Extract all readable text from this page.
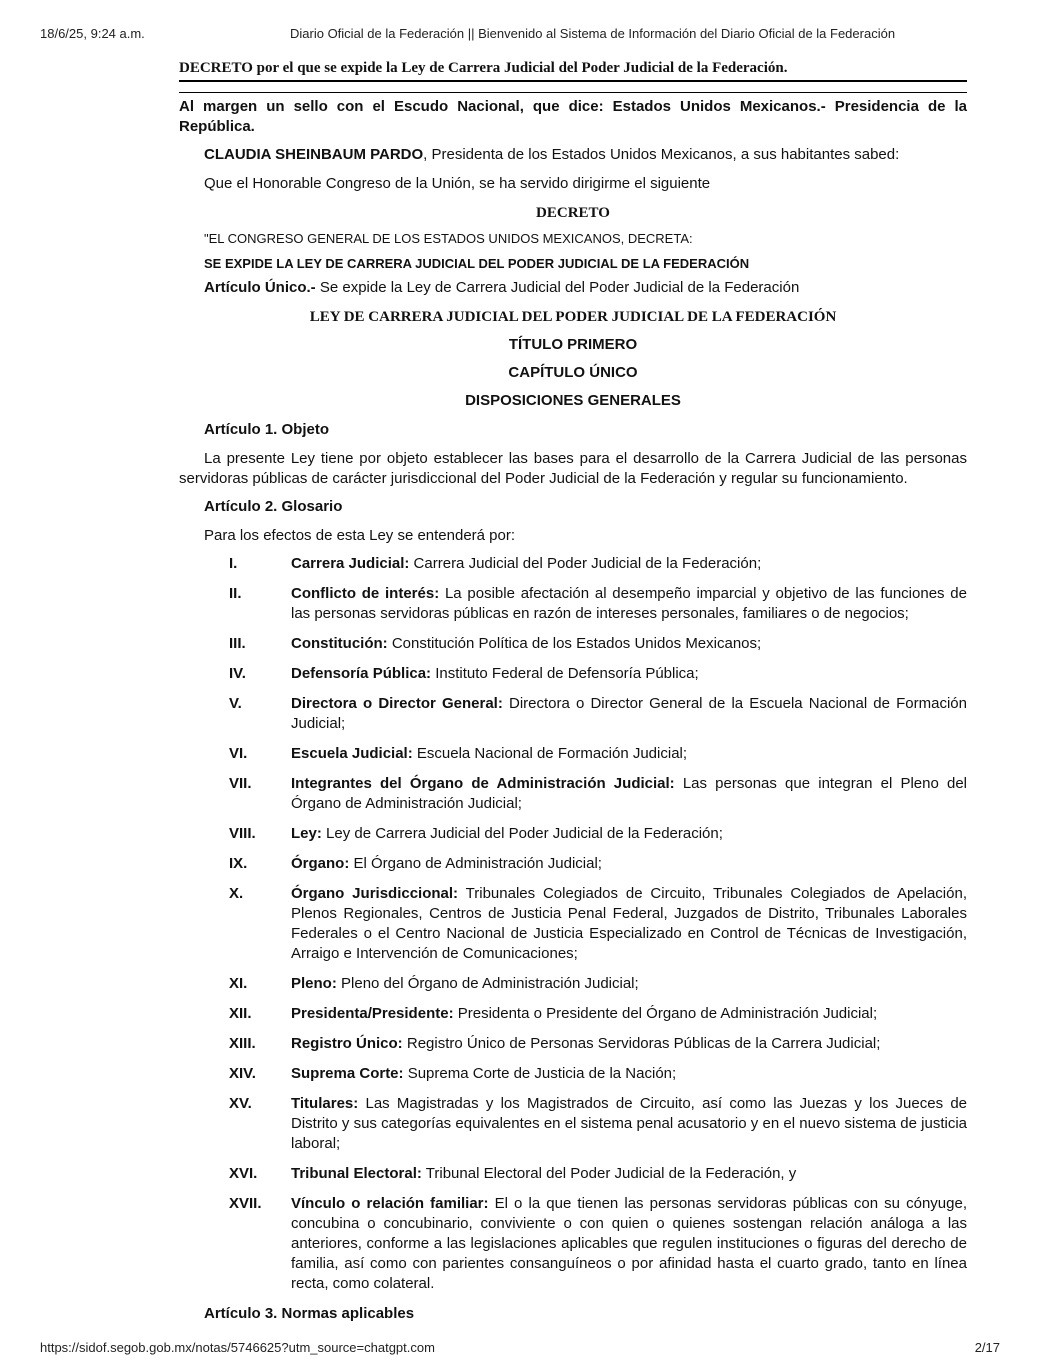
18/6/25, 9:24 a.m.	Diario Oficial de la Federación || Bienvenido al Sistema de Información del Diario Oficial de la Federación
DECRETO por el que se expide la Ley de Carrera Judicial del Poder Judicial de la Federación.

Al margen un sello con el Escudo Nacional, que dice: Estados Unidos Mexicanos.- Presidencia de la República.

CLAUDIA SHEINBAUM PARDO, Presidenta de los Estados Unidos Mexicanos, a sus habitantes sabed:

Que el Honorable Congreso de la Unión, se ha servido dirigirme el siguiente

DECRETO

"EL CONGRESO GENERAL DE LOS ESTADOS UNIDOS MEXICANOS, DECRETA:

SE EXPIDE LA LEY DE CARRERA JUDICIAL DEL PODER JUDICIAL DE LA FEDERACIÓN

Artículo Único.- Se expide la Ley de Carrera Judicial del Poder Judicial de la Federación

LEY DE CARRERA JUDICIAL DEL PODER JUDICIAL DE LA FEDERACIÓN

TÍTULO PRIMERO

CAPÍTULO ÚNICO

DISPOSICIONES GENERALES

Artículo 1. Objeto

La presente Ley tiene por objeto establecer las bases para el desarrollo de la Carrera Judicial de las personas servidoras públicas de carácter jurisdiccional del Poder Judicial de la Federación y regular su funcionamiento.

Artículo 2. Glosario

Para los efectos de esta Ley se entenderá por:

I.	Carrera Judicial: Carrera Judicial del Poder Judicial de la Federación;
II.	Conflicto de interés: La posible afectación al desempeño imparcial y objetivo de las funciones de las personas servidoras públicas en razón de intereses personales, familiares o de negocios;
III.	Constitución: Constitución Política de los Estados Unidos Mexicanos;
IV.	Defensoría Pública: Instituto Federal de Defensoría Pública;
V.	Directora o Director General: Directora o Director General de la Escuela Nacional de Formación Judicial;
VI.	Escuela Judicial: Escuela Nacional de Formación Judicial;
VII.	Integrantes del Órgano de Administración Judicial: Las personas que integran el Pleno del Órgano de Administración Judicial;
VIII. Ley: Ley de Carrera Judicial del Poder Judicial de la Federación;
IX.	Órgano: El Órgano de Administración Judicial;
X.	Órgano Jurisdiccional: Tribunales Colegiados de Circuito, Tribunales Colegiados de Apelación, Plenos Regionales, Centros de Justicia Penal Federal, Juzgados de Distrito, Tribunales Laborales Federales o el Centro Nacional de Justicia Especializado en Control de Técnicas de Investigación, Arraigo e Intervención de Comunicaciones;
XI.	Pleno: Pleno del Órgano de Administración Judicial;
XII.	Presidenta/Presidente: Presidenta o Presidente del Órgano de Administración Judicial;
XIII. Registro Único: Registro Único de Personas Servidoras Públicas de la Carrera Judicial;
XIV. Suprema Corte: Suprema Corte de Justicia de la Nación;
XV.	Titulares: Las Magistradas y los Magistrados de Circuito, así como las Juezas y los Jueces de Distrito y sus categorías equivalentes en el sistema penal acusatorio y en el nuevo sistema de justicia laboral;
XVI. Tribunal Electoral: Tribunal Electoral del Poder Judicial de la Federación, y
XVII. Vínculo o relación familiar: El o la que tienen las personas servidoras públicas con su cónyuge, concubina o concubinario, conviviente o con quien o quienes sostengan relación análoga a las anteriores, conforme a las legislaciones aplicables que regulen instituciones o figuras del derecho de familia, así como con parientes consanguíneos o por afinidad hasta el cuarto grado, tanto en línea recta, como colateral.

Artículo 3. Normas aplicables

https://sidof.segob.gob.mx/notas/5746625?utm_source=chatgpt.com	2/17
